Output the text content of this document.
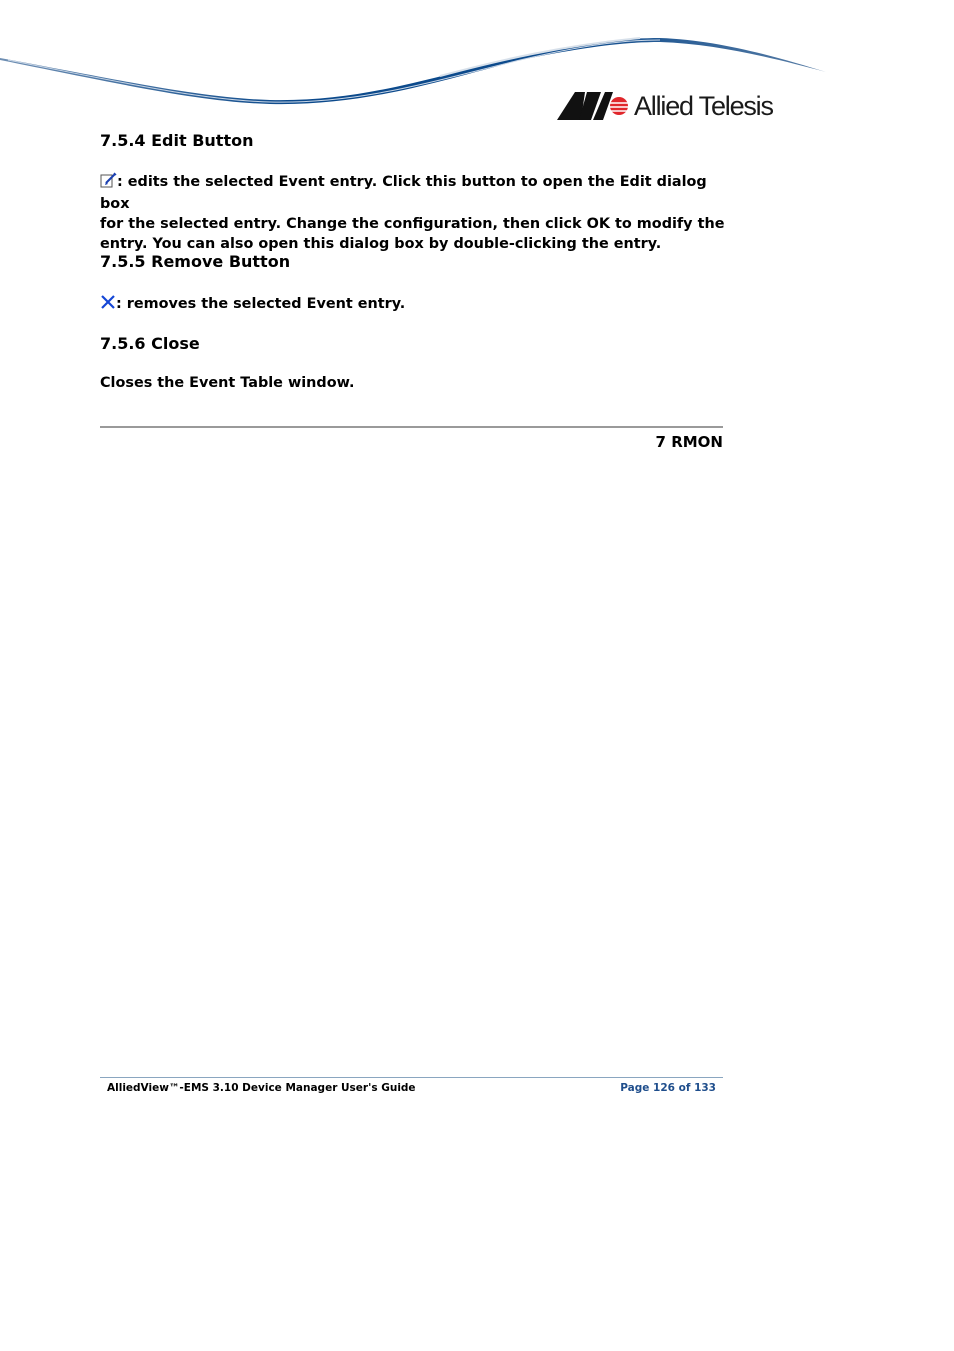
Allied Telesis
7.5.4 Edit Button

: edits the selected Event entry. Click this button to open the Edit dialog box
for the selected entry. Change the configuration, then click OK to modify the
entry. You can also open this dialog box by double-clicking the entry.

7.5.5 Remove Button

: removes the selected Event entry.

7.5.6 Close

Closes the Event Table window.

7 RMON
AlliedView™-EMS 3.10 Device Manager User's Guide	Page 126 of 133
